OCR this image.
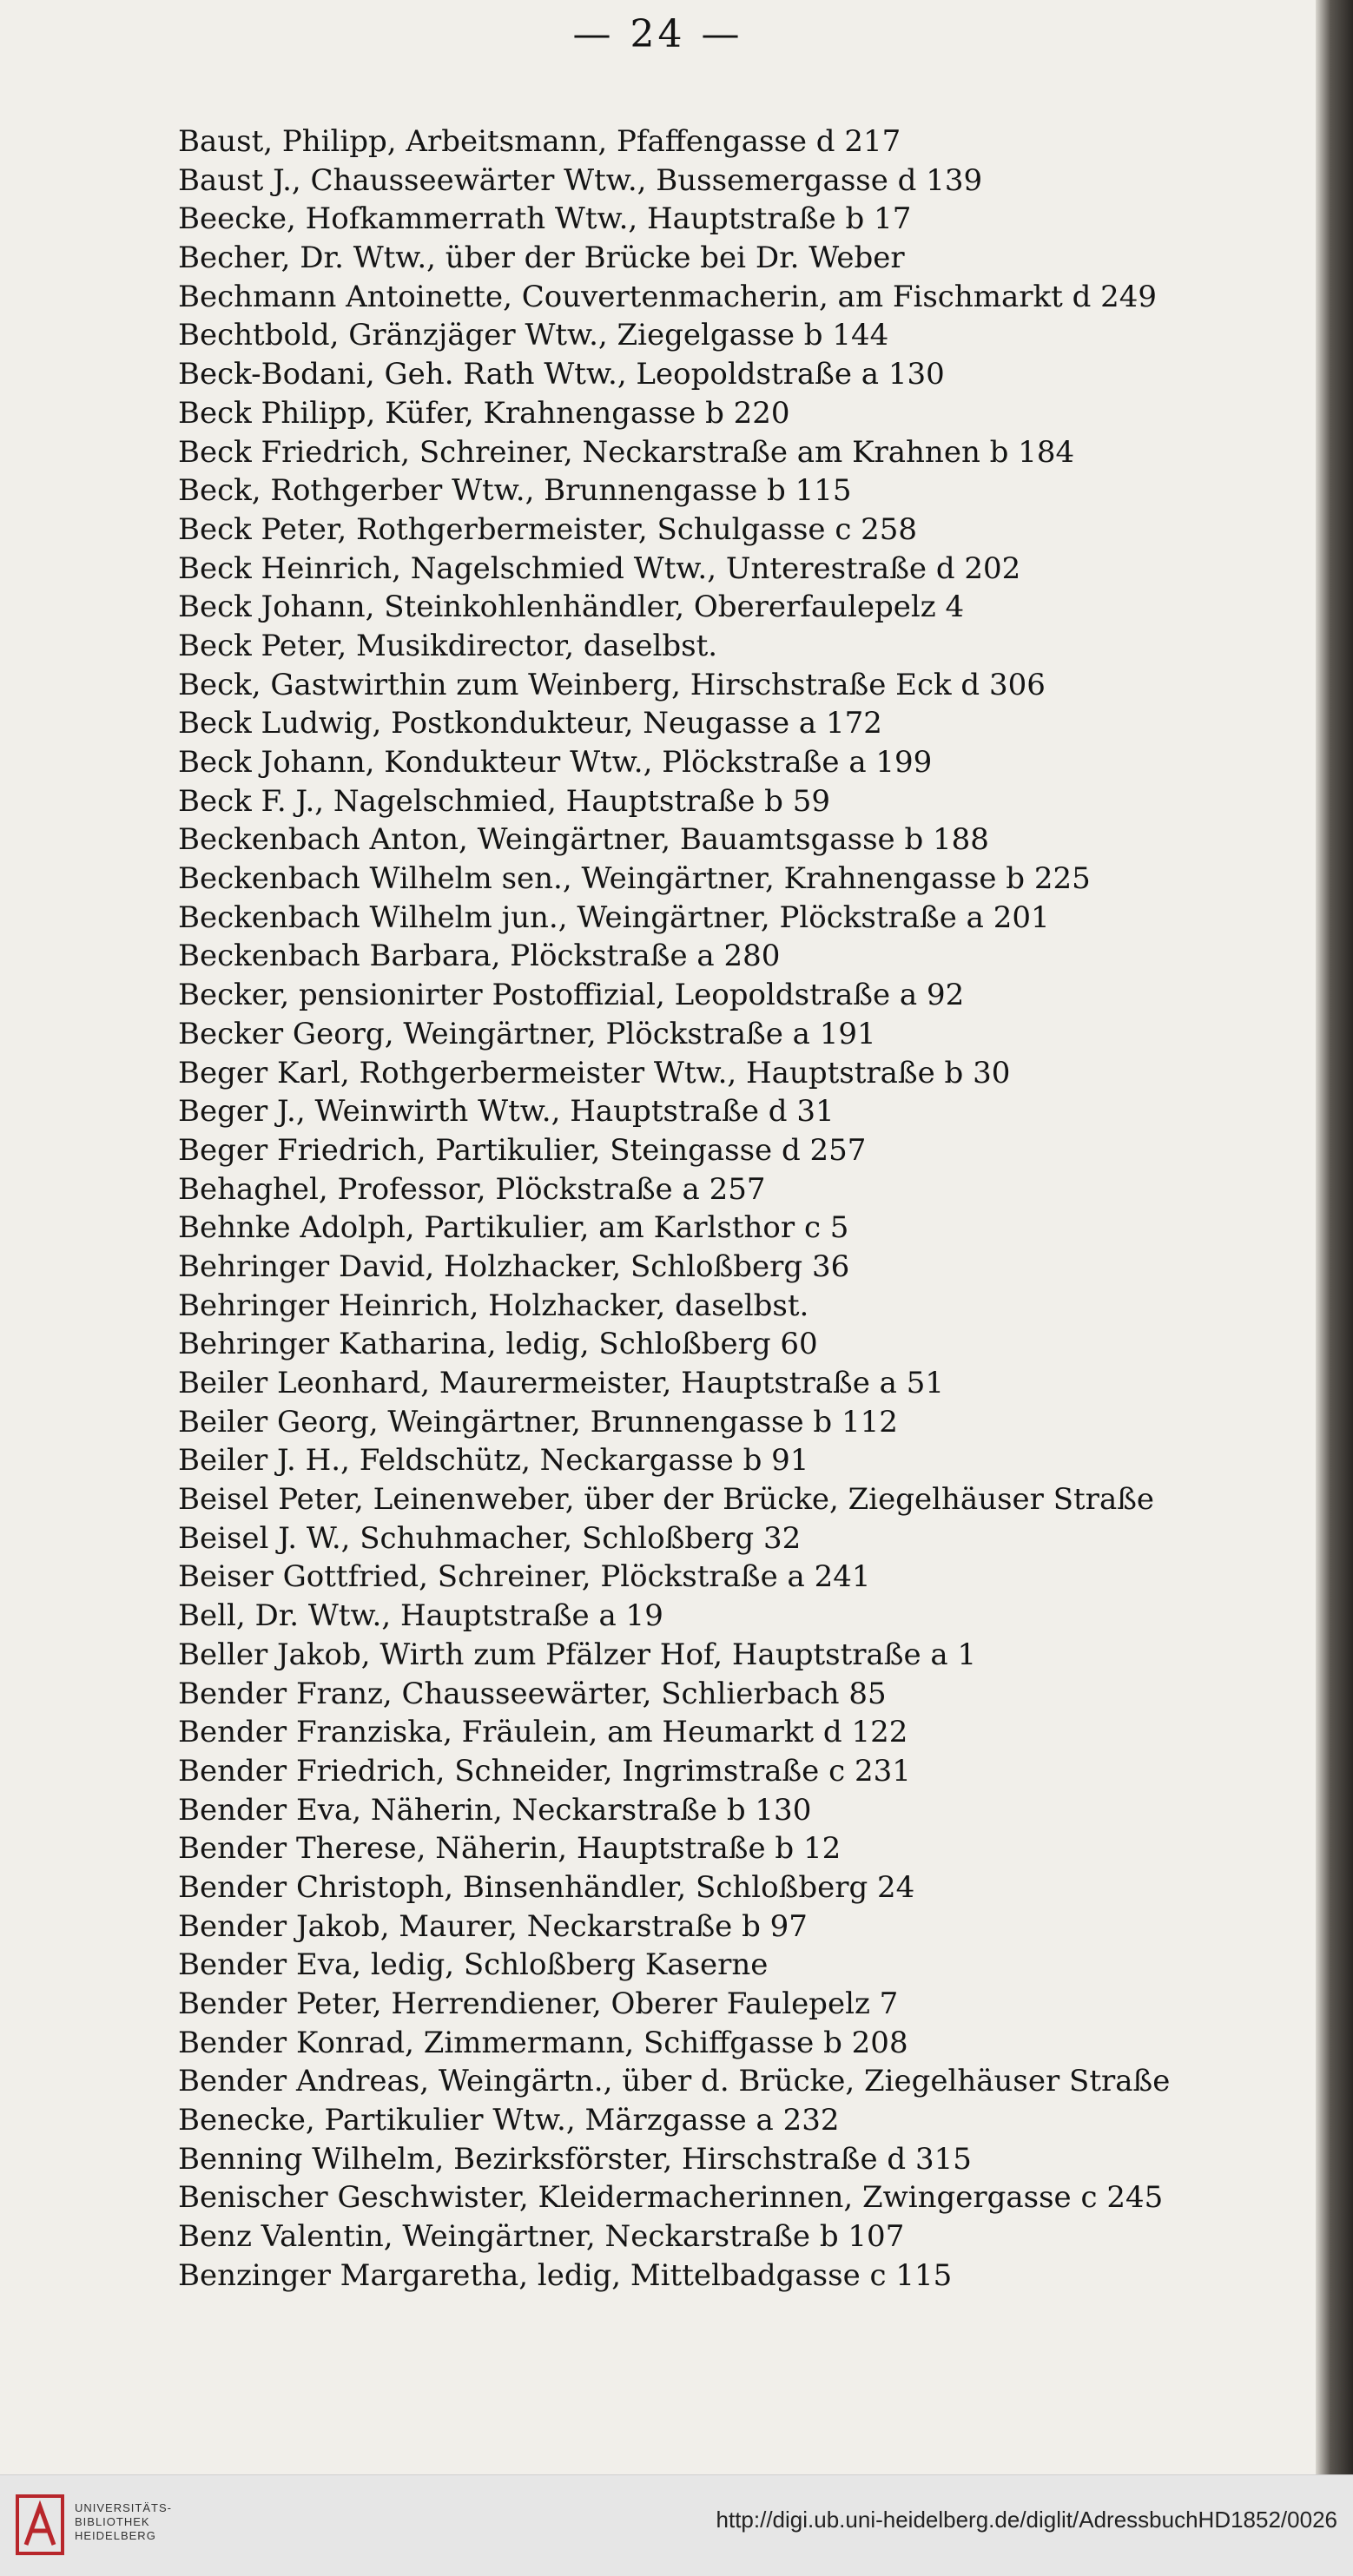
— 24 —
Baust, Philipp, Arbeitsmann, Pfaffengasse d 217
Baust J., Chausseewärter Wtw., Bussemergasse d 139
Beecke, Hofkammerrath Wtw., Hauptstraße b 17
Becher, Dr. Wtw., über der Brücke bei Dr. Weber
Bechmann Antoinette, Couvertenmacherin, am Fischmarkt d 249
Bechtbold, Gränzjäger Wtw., Ziegelgasse b 144
Beck-Bodani, Geh. Rath Wtw., Leopoldstraße a 130
Beck Philipp, Küfer, Krahnengasse b 220
Beck Friedrich, Schreiner, Neckarstraße am Krahnen b 184
Beck, Rothgerber Wtw., Brunnengasse b 115
Beck Peter, Rothgerbermeister, Schulgasse c 258
Beck Heinrich, Nagelschmied Wtw., Unterestraße d 202
Beck Johann, Steinkohlenhändler, Obererfaulepelz 4
Beck Peter, Musikdirector, daselbst.
Beck, Gastwirthin zum Weinberg, Hirschstraße Eck d 306
Beck Ludwig, Postkondukteur, Neugasse a 172
Beck Johann, Kondukteur Wtw., Plöckstraße a 199
Beck F. J., Nagelschmied, Hauptstraße b 59
Beckenbach Anton, Weingärtner, Bauamtsgasse b 188
Beckenbach Wilhelm sen., Weingärtner, Krahnengasse b 225
Beckenbach Wilhelm jun., Weingärtner, Plöckstraße a 201
Beckenbach Barbara, Plöckstraße a 280
Becker, pensionirter Postoffizial, Leopoldstraße a 92
Becker Georg, Weingärtner, Plöckstraße a 191
Beger Karl, Rothgerbermeister Wtw., Hauptstraße b 30
Beger J., Weinwirth Wtw., Hauptstraße d 31
Beger Friedrich, Partikulier, Steingasse d 257
Behaghel, Professor, Plöckstraße a 257
Behnke Adolph, Partikulier, am Karlsthor c 5
Behringer David, Holzhacker, Schloßberg 36
Behringer Heinrich, Holzhacker, daselbst.
Behringer Katharina, ledig, Schloßberg 60
Beiler Leonhard, Maurermeister, Hauptstraße a 51
Beiler Georg, Weingärtner, Brunnengasse b 112
Beiler J. H., Feldschütz, Neckargasse b 91
Beisel Peter, Leinenweber, über der Brücke, Ziegelhäuser Straße
Beisel J. W., Schuhmacher, Schloßberg 32
Beiser Gottfried, Schreiner, Plöckstraße a 241
Bell, Dr. Wtw., Hauptstraße a 19
Beller Jakob, Wirth zum Pfälzer Hof, Hauptstraße a 1
Bender Franz, Chausseewärter, Schlierbach 85
Bender Franziska, Fräulein, am Heumarkt d 122
Bender Friedrich, Schneider, Ingrimstraße c 231
Bender Eva, Näherin, Neckarstraße b 130
Bender Therese, Näherin, Hauptstraße b 12
Bender Christoph, Binsenhändler, Schloßberg 24
Bender Jakob, Maurer, Neckarstraße b 97
Bender Eva, ledig, Schloßberg Kaserne
Bender Peter, Herrendiener, Oberer Faulepelz 7
Bender Konrad, Zimmermann, Schiffgasse b 208
Bender Andreas, Weingärtn., über d. Brücke, Ziegelhäuser Straße
Benecke, Partikulier Wtw., Märzgasse a 232
Benning Wilhelm, Bezirksförster, Hirschstraße d 315
Benischer Geschwister, Kleidermacherinnen, Zwingergasse c 245
Benz Valentin, Weingärtner, Neckarstraße b 107
Benzinger Margaretha, ledig, Mittelbadgasse c 115
UNIVERSITÄTS-
BIBLIOTHEK
HEIDELBERG
http://digi.ub.uni-heidelberg.de/diglit/AdressbuchHD1852/0026
